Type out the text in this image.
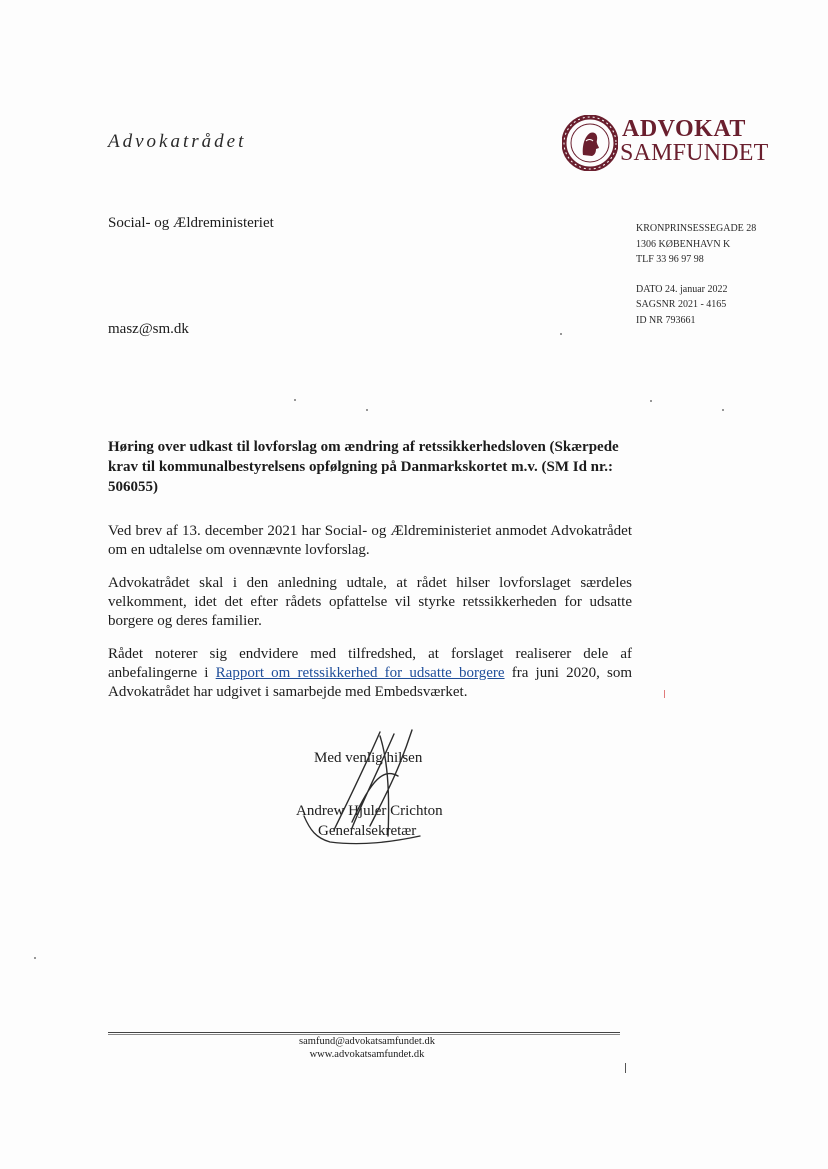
Advokatrådet	ADVOKAT
SAMFUNDET
Social- og Ældreministeriet
masz@sm.dk
KRONPRINSESSEGADE 28
1306 KØBENHAVN K
TLF 33 96 97 98
DATO 24. januar 2022
SAGSNR 2021 - 4165
ID NR 793661
Høring over udkast til lovforslag om ændring af retssikkerhedsloven (Skærpede krav til kommunalbestyrelsens opfølgning på Danmarkskortet m.v. (SM Id nr.: 506055)
Ved brev af 13. december 2021 har Social- og Ældreministeriet anmodet Advokatrådet om en udtalelse om ovennævnte lovforslag.
Advokatrådet skal i den anledning udtale, at rådet hilser lovforslaget særdeles velkomment, idet det efter rådets opfattelse vil styrke retssikkerheden for udsatte borgere og deres familier.
Rådet noterer sig endvidere med tilfredshed, at forslaget realiserer dele af anbefalingerne i Rapport om retssikkerhed for udsatte borgere fra juni 2020, som Advokatrådet har udgivet i samarbejde med Embedsværket.
Med venlig hilsen
Andrew Hjuler Crichton
Generalsekretær
samfund@advokatsamfundet.dk
www.advokatsamfundet.dk
